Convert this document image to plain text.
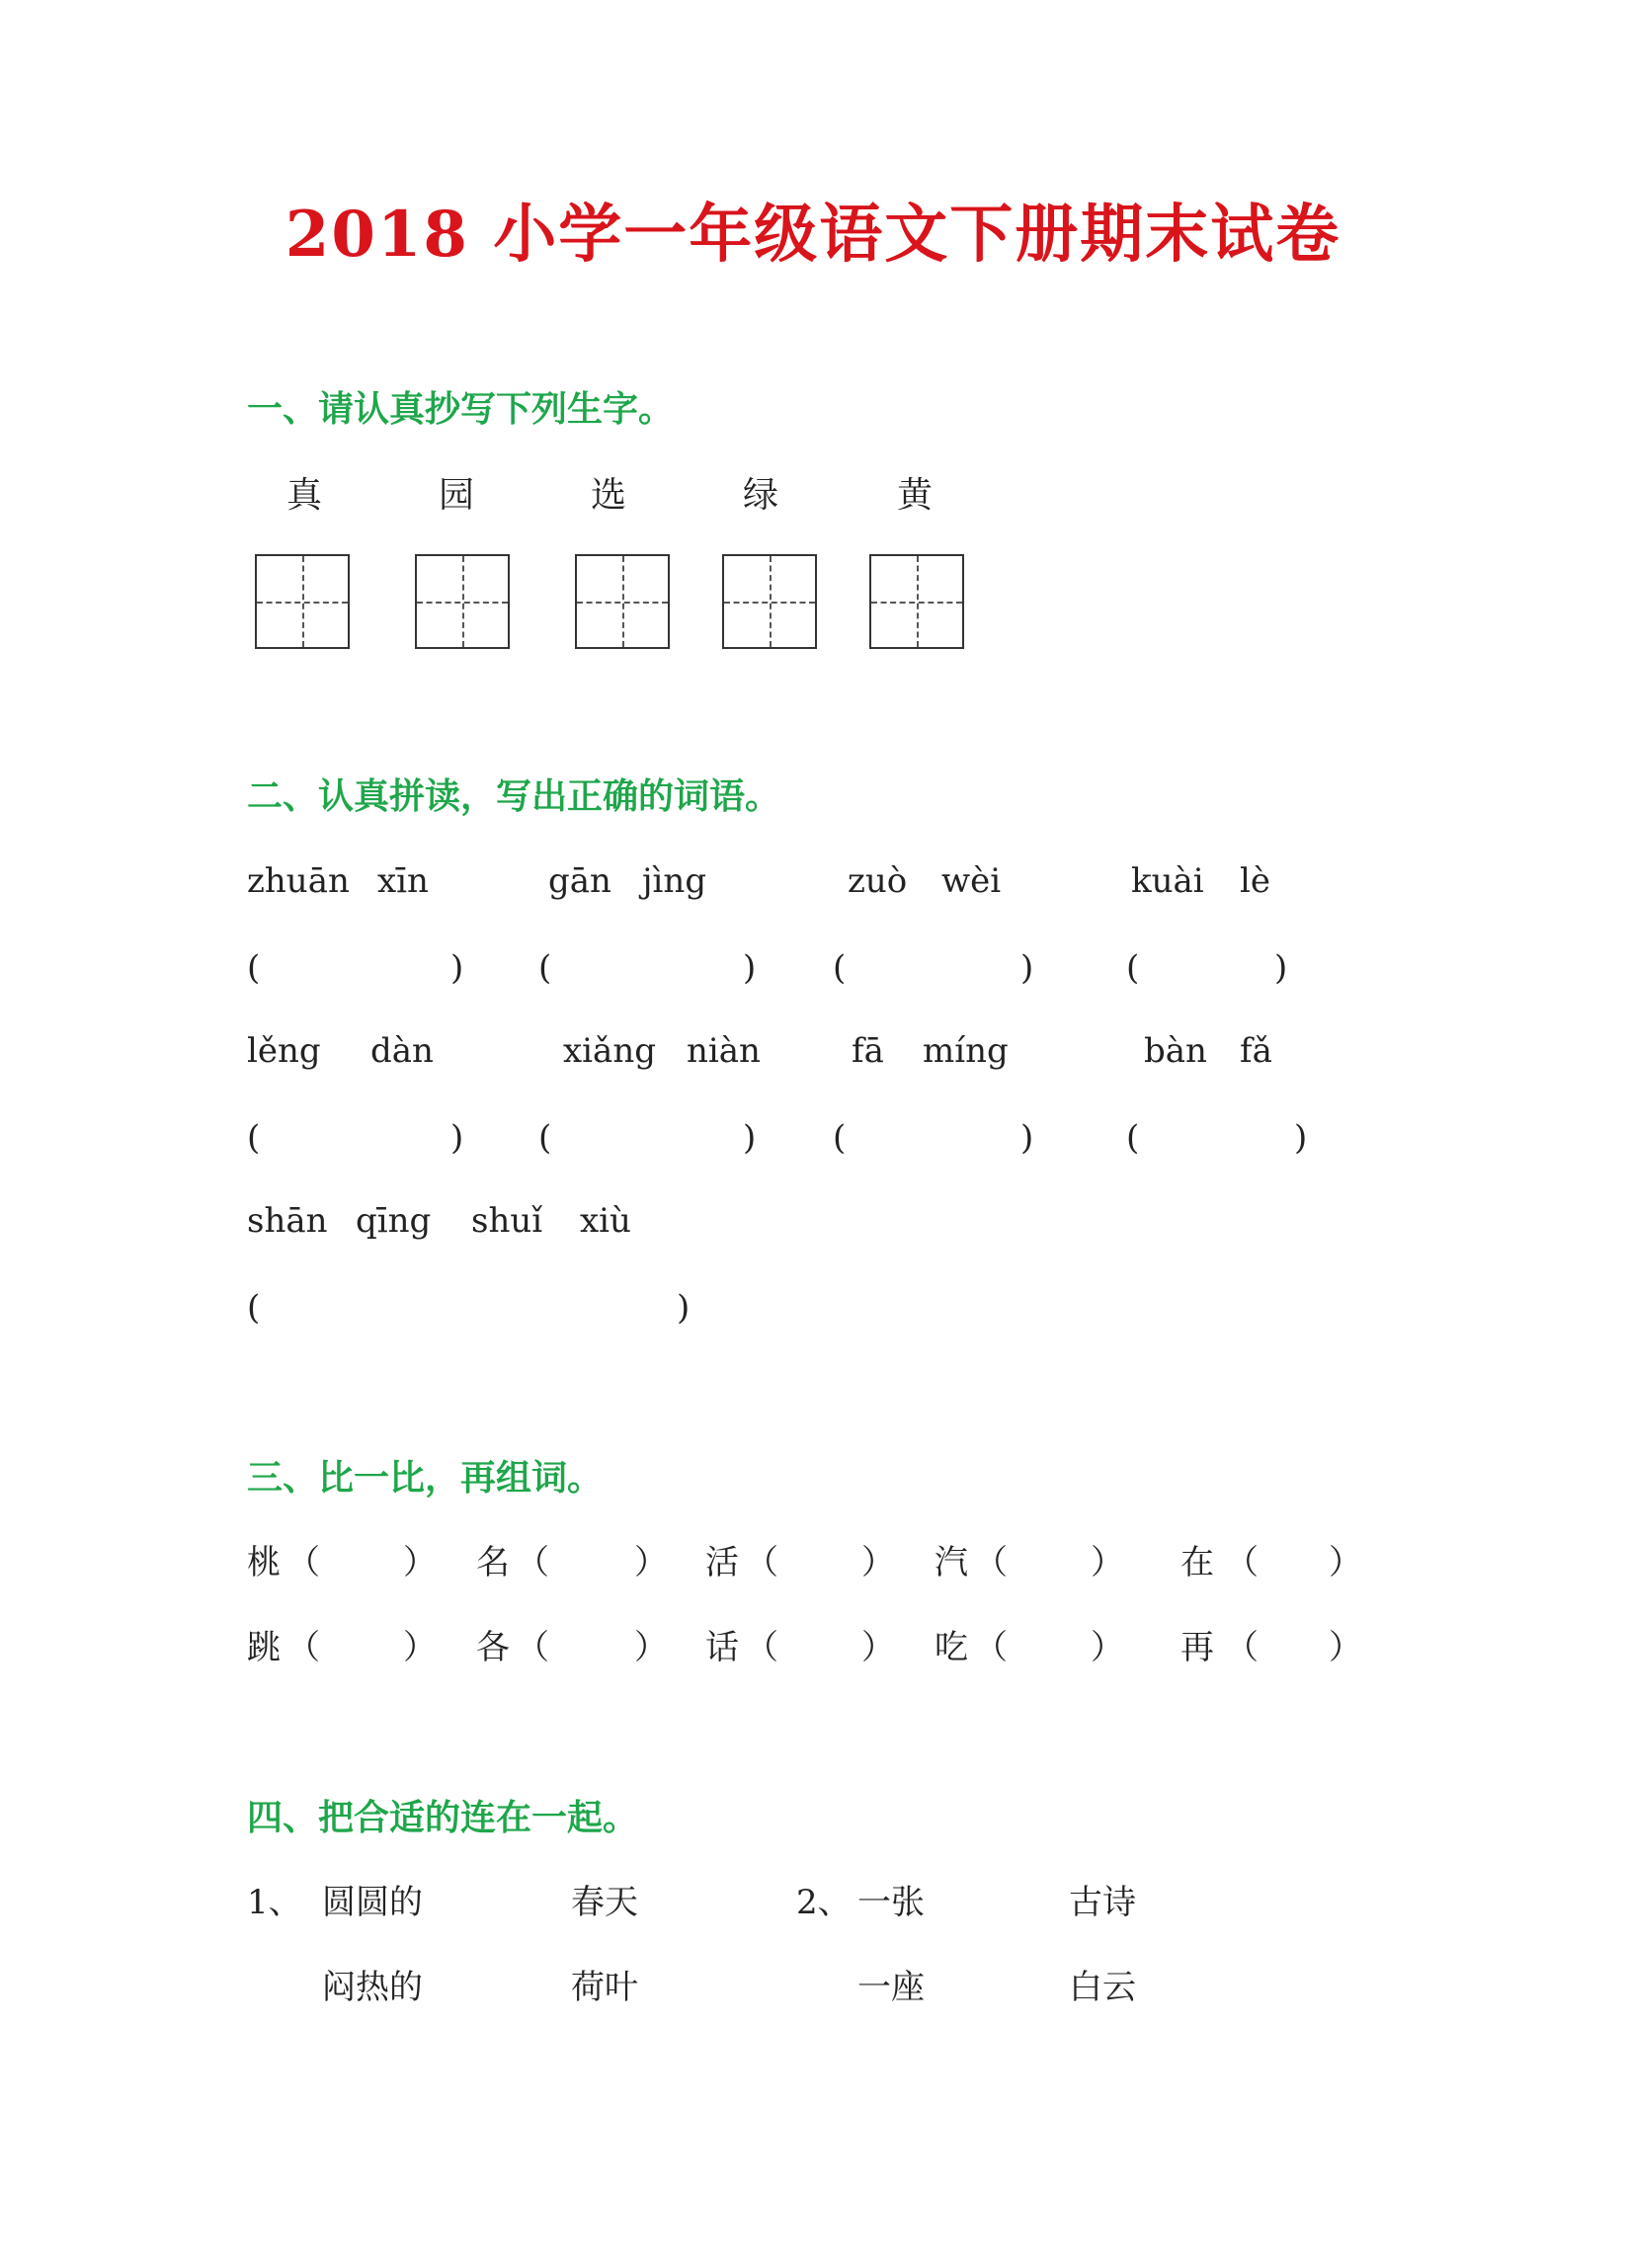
2018 小学一年级语文下册期末试卷
一、请认真抄写下列生字。
真	园	选	绿	黄
二、认真拼读，写出正确的词语。
zhuān xīn	gān jìng	zuò wèi	kuài lè
(	) (	) (	)	(	)
lěng dàn	xiǎng niàn	fā míng	bàn fǎ
(	) (	) (	)	(	)
shān qīng shuǐ xiù
(	)
三、比一比，再组词。
桃 （ ） 名 （	） 活 （ ） 汽 （ ） 在 （ ）
跳 （ ） 各 （	） 话 （ ） 吃 （ ） 再 （ ）
四、把合适的连在一起。
1、 圆圆的	春天
闷热的	荷叶
2、 一张	古诗
一座	白云
